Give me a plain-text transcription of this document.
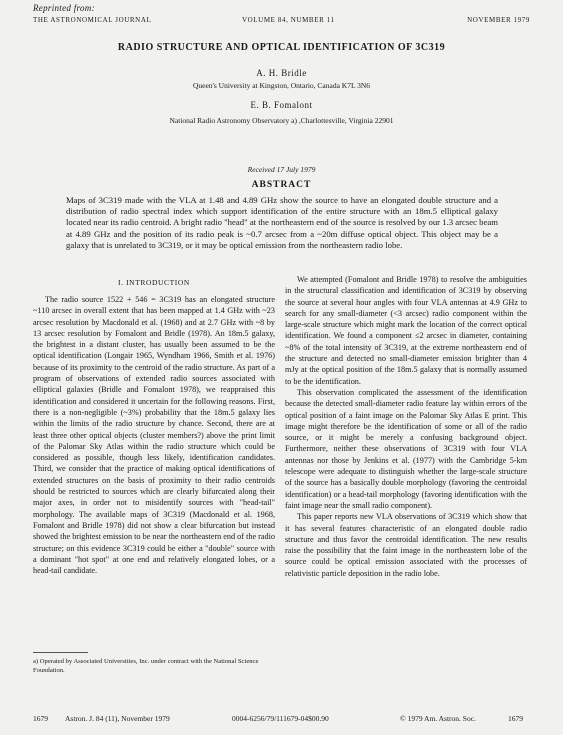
Reprinted from:
THE ASTRONOMICAL JOURNAL	VOLUME 84, NUMBER 11	NOVEMBER 1979
RADIO STRUCTURE AND OPTICAL IDENTIFICATION OF 3C319
A. H. Bridle
Queen's University at Kingston, Ontario, Canada K7L 3N6
E. B. Fomalont
National Radio Astronomy Observatory a) ,Charlottesville, Virginia 22901
Received 17 July 1979
ABSTRACT
Maps of 3C319 made with the VLA at 1.48 and 4.89 GHz show the source to have an elongated double structure and a distribution of radio spectral index which support identification of the entire structure with an 18m.5 elliptical galaxy located near its radio centroid. A bright radio "head" at the northeastern end of the source is resolved by our 1.3 arcsec beam at 4.89 GHz and the position of its radio peak is ~0.7 arcsec from a ~20m diffuse optical object. This object may be a galaxy that is unrelated to 3C319, or it may be optical emission from the northeastern radio lobe.
I. INTRODUCTION

The radio source 1522 + 546 = 3C319 has an elongated structure ~110 arcsec in overall extent that has been mapped at 1.4 GHz with ~23 arcsec resolution by Macdonald et al. (1968) and at 2.7 GHz with ~8 by 13 arcsec resolution by Fomalont and Bridle (1978). An 18m.5 galaxy, the brightest in a distant cluster, has usually been assumed to be the optical identification (Longair 1965, Wyndham 1966, Smith et al. 1976) because of its proximity to the centroid of the radio structure. As part of a program of observations of extended radio sources associated with elliptical galaxies (Bridle and Fomalont 1978), we reappraised this identification and considered it uncertain for the following reasons. First, there is a non-negligible (~3%) probability that the 18m.5 galaxy lies within the limits of the radio structure by chance. Second, there are at least three other optical objects (cluster members?) above the print limit of the Palomar Sky Atlas within the radio structure which could be considered as possible, though less likely, identification candidates. Third, we consider that the practice of making optical identifications of extended structures on the basis of proximity to their radio centroids should be restricted to sources which are clearly bifurcated along their major axes, in order not to misidentify sources with "head-tail" morphology. The available maps of 3C319 (Macdonald et al. 1968, Fomalont and Bridle 1978) did not show a clear bifurcation but instead showed the brightest emission to be near the northeastern end of the radio structure; on this evidence 3C319 could be either a "double" source with a dominant "hot spot" at one end and relatively elongated lobes, or a head-tail candidate.

We attempted (Fomalont and Bridle 1978) to resolve the ambiguities in the structural classification and identification of 3C319 by observing the source at several hour angles with four VLA antennas at 4.9 GHz to search for any small-diameter (<3 arcsec) radio component within the large-scale structure which might mark the location of the correct optical identification. We found a component ≤2 arcsec in diameter, containing ~8% of the total intensity of 3C319, at the extreme northeastern end of the structure and detected no small-diameter emission brighter than 4 mJy at the optical position of the 18m.5 galaxy that is normally assumed to be the identification.

This observation complicated the assessment of the identification because the detected small-diameter radio feature lay within errors of the optical position of a faint image on the Palomar Sky Atlas E print. This image might therefore be the identification of some or all of the radio source, or it might be merely a confusing background object. Furthermore, neither these observations of 3C319 with four VLA antennas nor those by Jenkins et al. (1977) with the Cambridge 5-km telescope were adequate to distinguish whether the large-scale structure of the source has a basically double morphology (favoring the centroidal identification) or a head-tail morphology (favoring identification with the faint image near the small radio component).

This paper reports new VLA observations of 3C319 which show that it has several features characteristic of an elongated double radio structure and thus favor the centroidal identification. The new results raise the possibility that the faint image in the northeastern lobe of the source could be optical emission associated with the processes of relativistic particle deposition in the radio lobe.

a) Operated by Associated Universities, Inc. under contract with the National Science Foundation.
1679 Astron. J. 84 (11), November 1979	0004-6256/79/111679-04$00.90	© 1979 Am. Astron. Soc.	1679
